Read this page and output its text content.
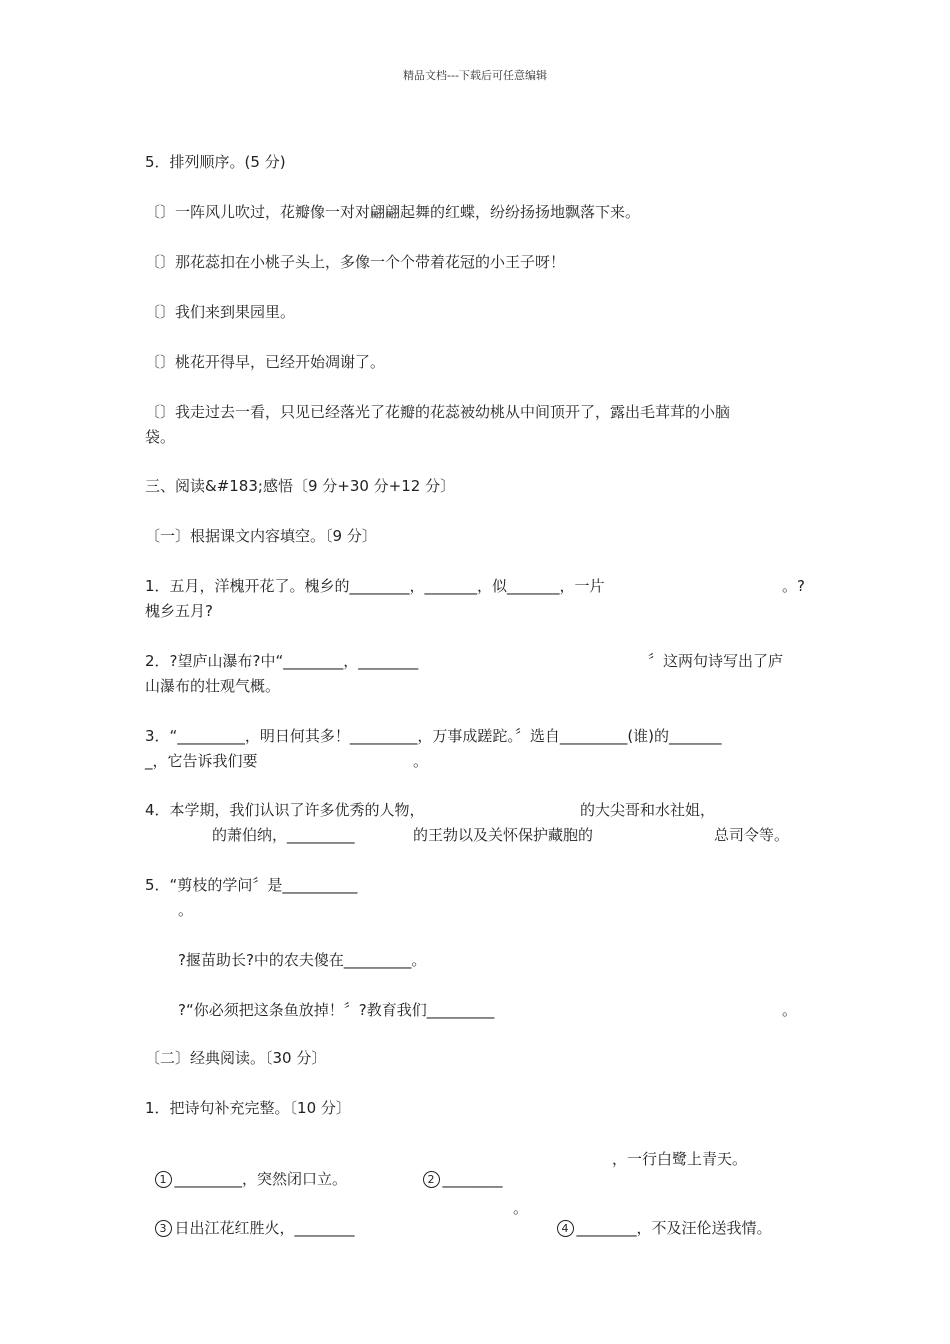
精品文档---下载后可任意编辑
5．排列顺序。(5 分)
〔〕一阵风儿吹过，花瓣像一对对翩翩起舞的红蝶，纷纷扬扬地飘落下来。
〔〕那花蕊扣在小桃子头上，多像一个个带着花冠的小王子呀！
〔〕我们来到果园里。
〔〕桃花开得早，已经开始凋谢了。
〔〕我走过去一看，只见已经落光了花瓣的花蕊被幼桃从中间顶开了，露出毛茸茸的小脑
袋。
三、阅读&#183;感悟〔9 分+30 分+12 分〕
〔一〕根据课文内容填空。〔9 分〕
1．五月，洋槐开花了。槐乡的________，_______，似_______，一片	。?
槐乡五月?
2．?望庐山瀑布?中“________，________	〞这两句诗写出了庐
山瀑布的壮观气概。
3．“_________，明日何其多！_________，万事成蹉跎。〞选自_________(谁)的_______
_，它告诉我们要	。
4．本学期，我们认识了许多优秀的人物，	的大尖哥和水社姐，
的萧伯纳，_________	的王勃以及关怀保护藏胞的	总司令等。
5．“剪枝的学问〞是__________
。
?揠苗助长?中的农夫傻在_________。
?“你必须把这条鱼放掉！〞?教育我们_________	。
〔二〕经典阅读。〔30 分〕
1．把诗句补充完整。〔10 分〕

1 _________，突然闭口立。	2 ________

，一行白鹭上青天。

3 日出江花红胜火，________

。

4 ________，不及汪伦送我情。
